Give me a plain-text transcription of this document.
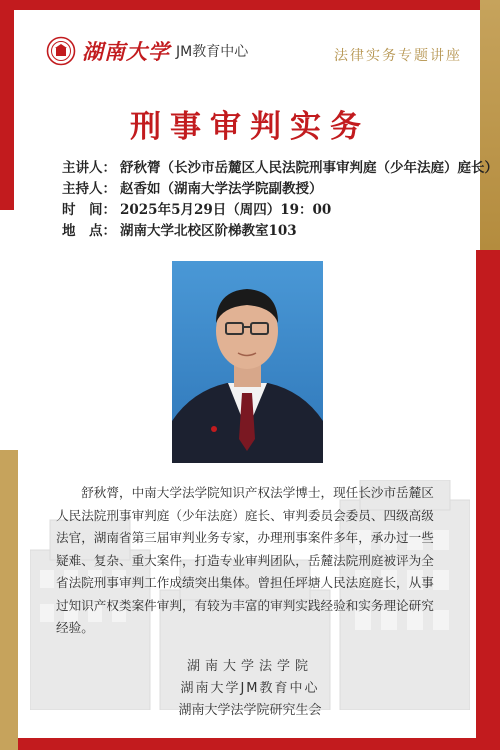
湖南大学 JM教育中心	法律实务专题讲座
刑事审判实务
主讲人： 舒秋膂（长沙市岳麓区人民法院刑事审判庭（少年法庭）庭长）
主持人： 赵香如（湖南大学法学院副教授）
时　间： 2025年5月29日（周四）19：00
地　点： 湖南大学北校区阶梯教室103
　　舒秋膂，中南大学法学院知识产权法学博士，现任长沙市岳麓区
人民法院刑事审判庭（少年法庭）庭长、审判委员会委员、四级高级
法官，湖南省第三届审判业务专家，办理刑事案件多年，承办过一些
疑难、复杂、重大案件，打造专业审判团队，岳麓法院刑庭被评为全
省法院刑事审判工作成绩突出集体。曾担任坪塘人民法庭庭长，从事
过知识产权类案件审判，有较为丰富的审判实践经验和实务理论研究
经验。
湖南大学法学院
湖南大学JM教育中心
湖南大学法学院研究生会
